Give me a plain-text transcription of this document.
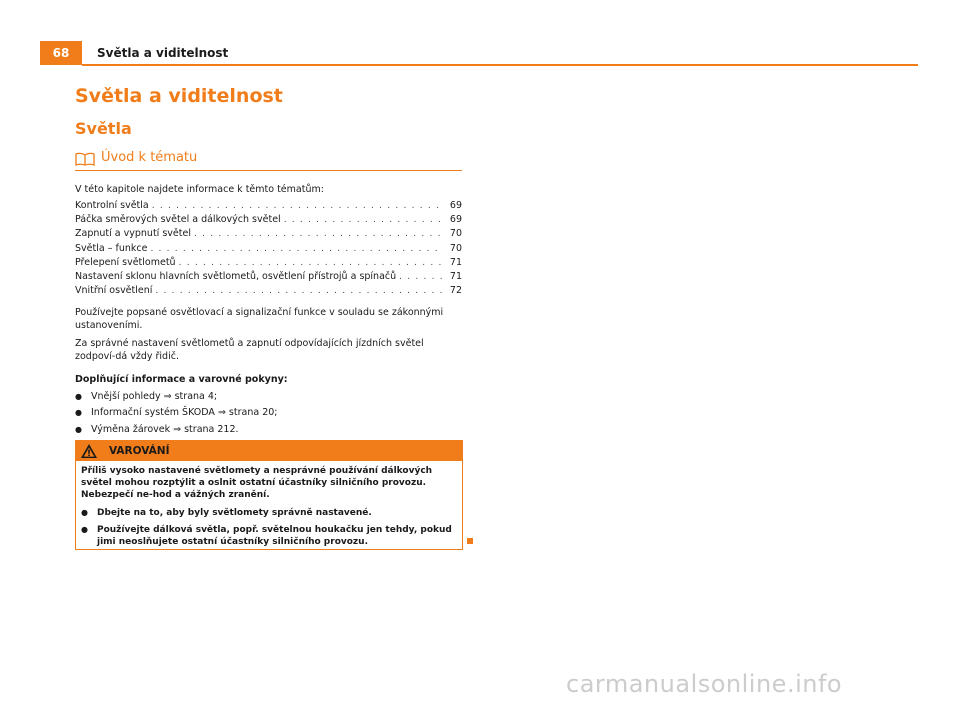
68	Světla a viditelnost
Světla a viditelnost
Světla
Úvod k tématu
V této kapitole najdete informace k těmto tématům:
Kontrolní světla . . .	69
Páčka směrových světel a dálkových světel . . .	69
Zapnutí a vypnutí světel . . .	70
Světla – funkce . . .	70
Přelepení světlometů . . .	71
Nastavení sklonu hlavních světlometů, osvětlení přístrojů a spínačů . . .	71
Vnitřní osvětlení . . .	72
Používejte popsané osvětlovací a signalizační funkce v souladu se zákonnými ustanoveními.
Za správné nastavení světlometů a zapnutí odpovídajících jízdních světel zodpoví-dá vždy řidič.
Doplňující informace a varovné pokyny:
● Vnější pohledy ⇒ strana 4;
● Informační systém ŠKODA ⇒ strana 20;
● Výměna žárovek ⇒ strana 212.
VAROVÁNÍ
Příliš vysoko nastavené světlomety a nesprávné používání dálkových světel mohou rozptýlit a oslnit ostatní účastníky silničního provozu. Nebezpečí ne-hod a vážných zranění.
●	Dbejte na to, aby byly světlomety správně nastavené.
●	Používejte dálková světla, popř. světelnou houkačku jen tehdy, pokud jimi neoslňujete ostatní účastníky silničního provozu.
carmanualsonline.info
